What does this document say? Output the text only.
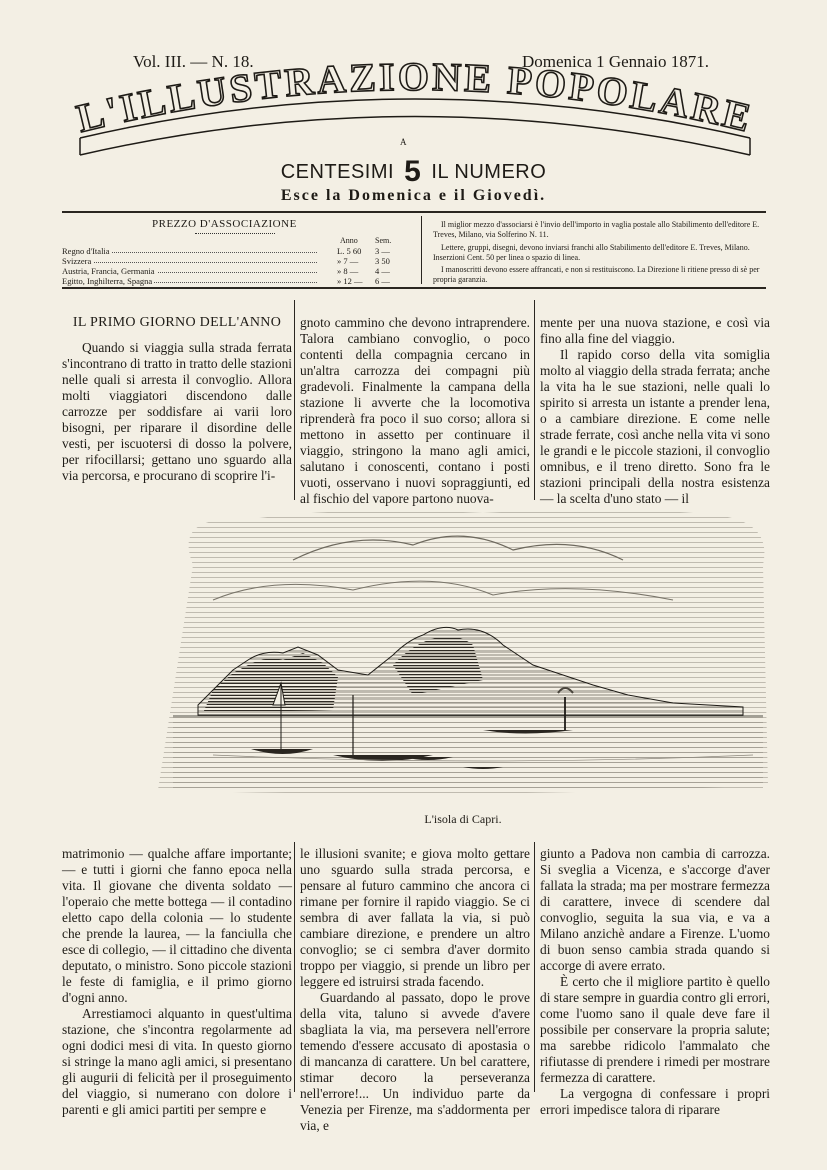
Vol. III. — N. 18.	Domenica 1 Gennaio 1871.
L'ILLUSTRAZIONE POPOLARE
A
CENTESIMI 5 IL NUMERO
Esce la Domenica e il Giovedì.
PREZZO D'ASSOCIAZIONE
Anno Sem.
Regno d'Italia	L. 5 60	3 —
Svizzera	» 7 —	3 50
Austria, Francia, Germania	» 8 —	4 —
Egitto, Inghilterra, Spagna	» 12 —	6 —
Il miglior mezzo d'associarsi è l'invio dell'importo in vaglia postale allo Stabilimento dell'editore E. Treves, Milano, via Solferino N. 11.
Lettere, gruppi, disegni, devono inviarsi franchi allo Stabilimento dell'editore E. Treves, Milano. Inserzioni Cent. 50 per linea o spazio di linea.
I manoscritti devono essere affrancati, e non si restituiscono. La Direzione li ritiene presso di sè per propria garanzia.
IL PRIMO GIORNO DELL'ANNO

Quando si viaggia sulla strada ferrata s'incontrano di tratto in tratto delle stazioni nelle quali si arresta il convoglio. Allora molti viaggiatori discendono dalle carrozze per soddisfare ai varii loro bisogni, per riparare il disordine delle vesti, per iscuotersi di dosso la polvere, per rifocillarsi; gettano uno sguardo alla via percorsa, e procurano di scoprire l'i-

gnoto cammino che devono intraprendere. Talora cambiano convoglio, o poco contenti della compagnia cercano in un'altra carrozza dei compagni più gradevoli. Finalmente la campana della stazione li avverte che la locomotiva riprenderà fra poco il suo corso; allora si mettono in assetto per continuare il viaggio, stringono la mano agli amici, salutano i conoscenti, contano i posti vuoti, osservano i nuovi sopraggiunti, ed al fischio del vapore partono nuova-

mente per una nuova stazione, e così via fino alla fine del viaggio.

Il rapido corso della vita somiglia molto al viaggio della strada ferrata; anche la vita ha le sue stazioni, nelle quali lo spirito si arresta un istante a prender lena, o a cambiare direzione. E come nelle strade ferrate, così anche nella vita vi sono le grandi e le piccole stazioni, il convoglio omnibus, e il treno diretto. Sono fra le stazioni principali della nostra esistenza — la scelta d'uno stato — il

L'isola di Capri.

matrimonio — qualche affare importante; — e tutti i giorni che fanno epoca nella vita. Il giovane che diventa soldato — l'operaio che mette bottega — il contadino eletto capo della colonia — lo studente che prende la laurea, — la fanciulla che esce di collegio, — il cittadino che diventa deputato, o ministro. Sono piccole stazioni le feste di famiglia, e il primo giorno d'ogni anno.

Arrestiamoci alquanto in quest'ultima stazione, che s'incontra regolarmente ad ogni dodici mesi di vita. In questo giorno si stringe la mano agli amici, si presentano gli augurii di felicità per il proseguimento del viaggio, si numerano con dolore i parenti e gli amici partiti per sempre e

le illusioni svanite; e giova molto gettare uno sguardo sulla strada percorsa, e pensare al futuro cammino che ancora ci rimane per fornire il rapido viaggio. Se ci sembra di aver fallata la via, si può cambiare direzione, e prendere un altro convoglio; se ci sembra d'aver dormito troppo per viaggio, si prende un libro per leggere ed istruirsi strada facendo.

Guardando al passato, dopo le prove della vita, taluno si avvede d'avere sbagliata la via, ma persevera nell'errore temendo d'essere accusato di apostasia o di mancanza di carattere. Un bel carattere, stimar decoro la perseveranza nell'errore!... Un individuo parte da Venezia per Firenze, ma s'addormenta per via, e

giunto a Padova non cambia di carrozza. Si sveglia a Vicenza, e s'accorge d'aver fallata la strada; ma per mostrare fermezza di carattere, invece di scendere dal convoglio, seguita la sua via, e va a Milano anzichè andare a Firenze. L'uomo di buon senso cambia strada quando si accorge di avere errato.

È certo che il migliore partito è quello di stare sempre in guardia contro gli errori, come l'uomo sano il quale deve fare il possibile per conservare la propria salute; ma sarebbe ridicolo l'ammalato che rifiutasse di prendere i rimedi per mostrare fermezza di carattere.

La vergogna di confessare i propri errori impedisce talora di riparare
